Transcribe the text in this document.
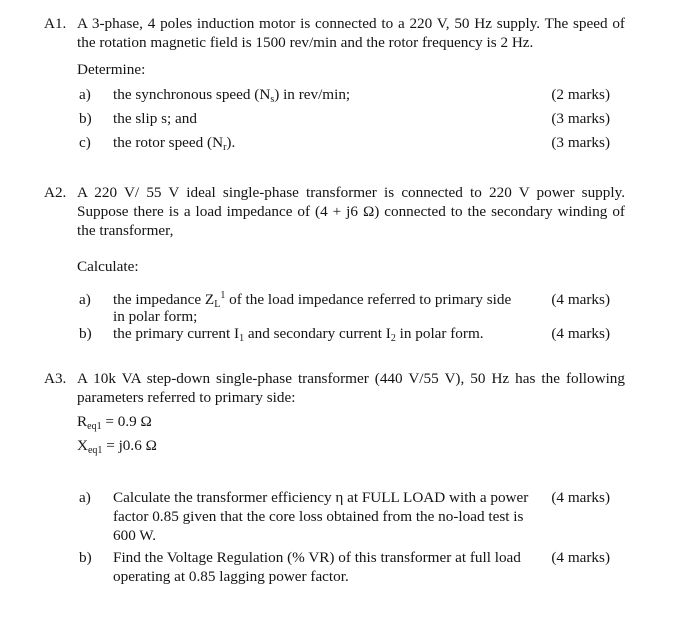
A1. A 3-phase, 4 poles induction motor is connected to a 220 V, 50 Hz supply. The speed of the rotation magnetic field is 1500 rev/min and the rotor frequency is 2 Hz.
Determine:
a) the synchronous speed $(N_s)$ in rev/min;	(2 marks)
b) the slip s; and	(3 marks)
c) the rotor speed $(N_r)$.	(3 marks)
A2. A 220 V/ 55 V ideal single-phase transformer is connected to 220 V power supply. Suppose there is a load impedance of (4 + j6 Ω) connected to the secondary winding of the transformer,
Calculate:
a) the impedance $Z_L^1$ of the load impedance referred to primary side	(4 marks)
in polar form;
b) the primary current $I_1$ and secondary current $I_2$ in polar form.	(4 marks)
A3. A 10k VA step-down single-phase transformer (440 V/55 V), 50 Hz has the following parameters referred to primary side:
$R_{eq1} = 0.9$ Ω
$X_{eq1} = j0.6$ Ω
a) Calculate the transformer efficiency η at FULL LOAD with a power factor 0.85 given that the core loss obtained from the no-load test is 600 W.
(4 marks)
b) Find the Voltage Regulation (% VR) of this transformer at full load operating at 0.85 lagging power factor.
(4 marks)
